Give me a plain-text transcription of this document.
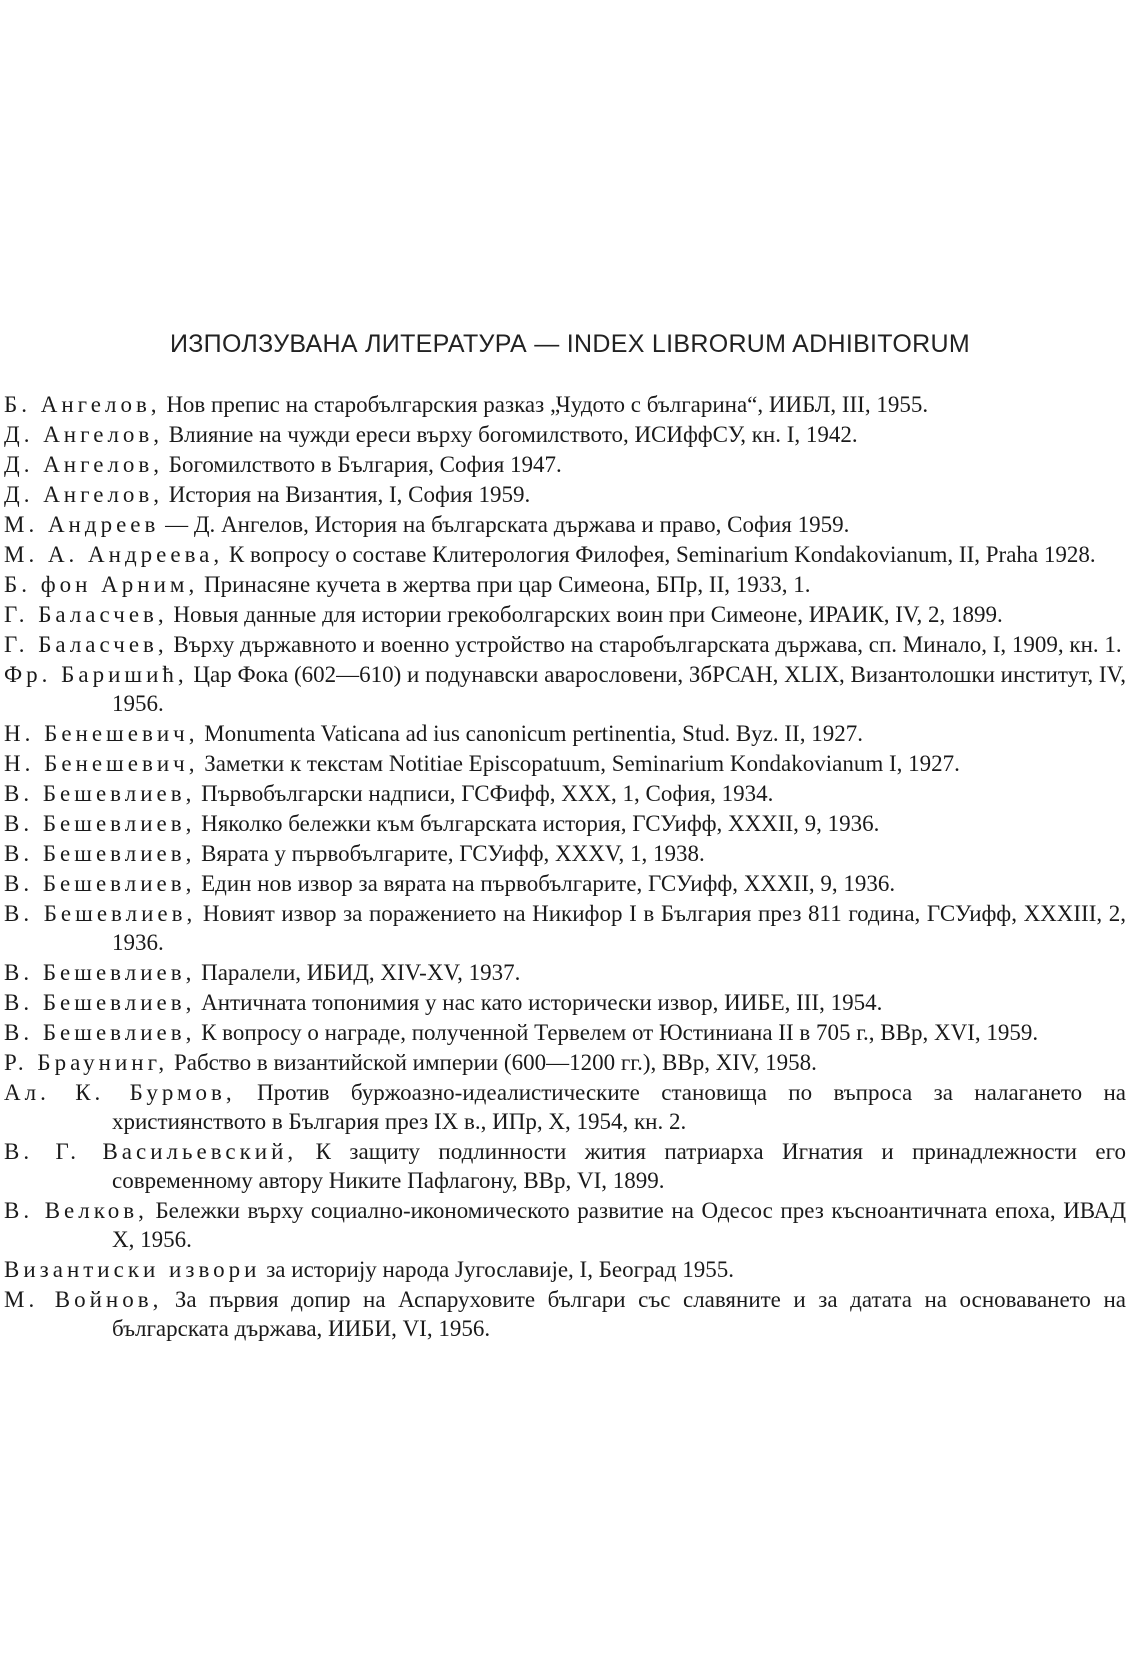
ИЗПОЛЗУВАНА ЛИТЕРАТУРА — INDEX LIBRORUM ADHIBITORUM

Б. Ангелов, Нов препис на старобългарския разказ „Чудото с българина“, ИИБЛ, III, 1955.

Д. Ангелов, Влияние на чужди ереси върху богомилството, ИСИффСУ, кн. I, 1942.

Д. Ангелов, Богомилството в България, София 1947.

Д. Ангелов, История на Византия, I, София 1959.

М. Андреев — Д. Ангелов, История на българската държава и право, София 1959.

М. А. Андреева, К вопросу о составе Клитерология Филофея, Seminarium Kondakovianum, II, Praha 1928.

Б. фон Арним, Принасяне кучета в жертва при цар Симеона, БПр, II, 1933, 1.

Г. Баласчев, Новыя данные для истории грекоболгарских воин при Симеоне, ИРАИК, IV, 2, 1899.

Г. Баласчев, Върху държавното и военно устройство на старобългарската държава, сп. Минало, I, 1909, кн. 1.

Фр. Баришић, Цар Фока (602—610) и подунавски аварословени, ЗбРСАН, XLIX, Византолошки институт, IV, 1956.

Н. Бенешевич, Monumenta Vaticana ad ius canonicum pertinentia, Stud. Byz. II, 1927.

Н. Бенешевич, Заметки к текстам Notitiae Episcopatuum, Seminarium Kondakovianum I, 1927.

В. Бешевлиев, Първобългарски надписи, ГСФифф, XXX, 1, София, 1934.

В. Бешевлиев, Няколко бележки към българската история, ГСУифф, XXXII, 9, 1936.

В. Бешевлиев, Вярата у първобългарите, ГСУифф, XXXV, 1, 1938.

В. Бешевлиев, Един нов извор за вярата на първобългарите, ГСУифф, XXXII, 9, 1936.

В. Бешевлиев, Новият извор за поражението на Никифор I в България през 811 година, ГСУифф, XXXIII, 2, 1936.

В. Бешевлиев, Паралели, ИБИД, XIV-XV, 1937.

В. Бешевлиев, Античната топонимия у нас като исторически извор, ИИБЕ, III, 1954.

В. Бешевлиев, К вопросу о награде, полученной Тервелем от Юстиниана II в 705 г., ВВр, XVI, 1959.

Р. Браунинг, Рабство в византийской империи (600—1200 гг.), ВВр, XIV, 1958.

Ал. К. Бурмов, Против буржоазно-идеалистическите становища по въпроса за налагането на християнството в България през IX в., ИПр, X, 1954, кн. 2.

В. Г. Васильевский, К защиту подлинности жития патриарха Игнатия и принадлежности его современному автору Никите Пафлагону, ВВр, VI, 1899.

В. Велков, Бележки върху социално-икономическото развитие на Одесос през късноантичната епоха, ИВАД X, 1956.

Византиски извори за историју народа Југославије, I, Београд 1955.

М. Войнов, За първия допир на Аспаруховите българи със славяните и за датата на основаването на българската държава, ИИБИ, VI, 1956.
